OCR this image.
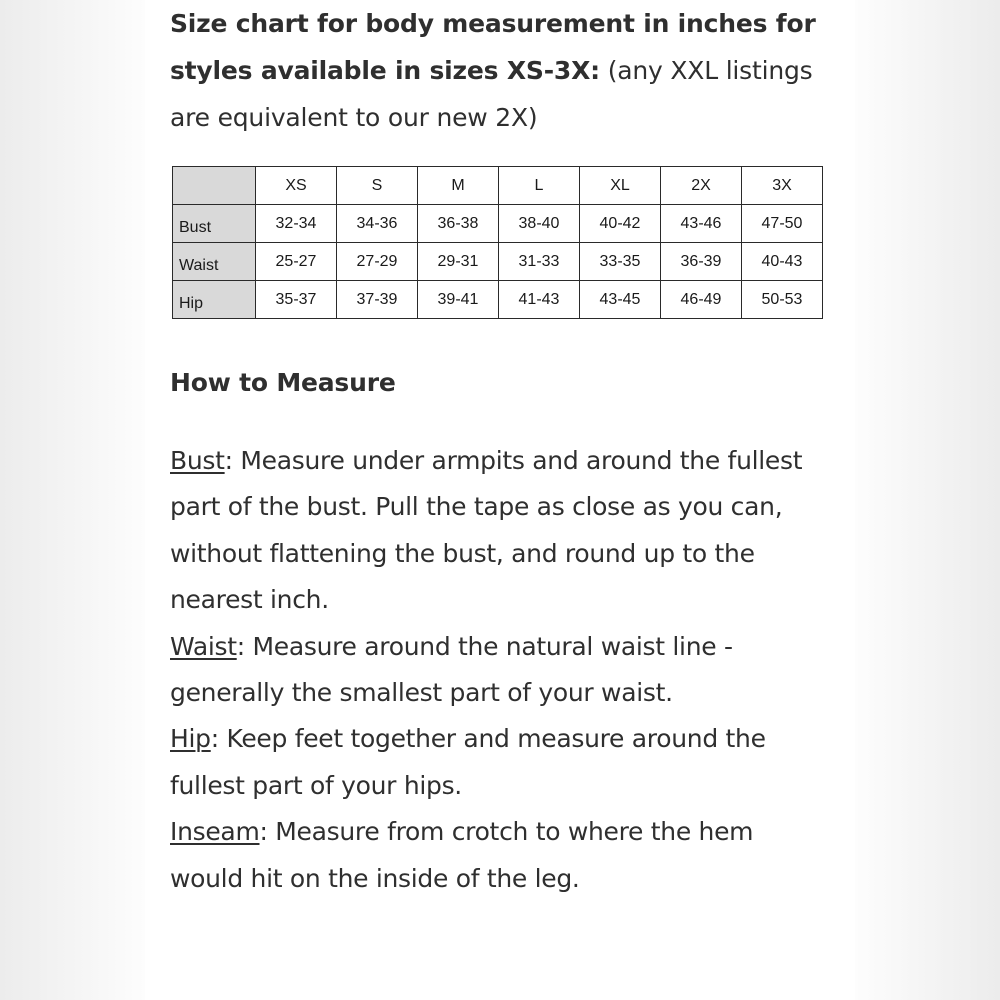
Size chart for body measurement in inches for styles available in sizes XS-3X: (any XXL listings are equivalent to our new 2X)
	XS	S	M	L	XL	2X	3X
Bust	32-34	34-36	36-38	38-40	40-42	43-46	47-50
Waist	25-27	27-29	29-31	31-33	33-35	36-39	40-43
Hip	35-37	37-39	39-41	41-43	43-45	46-49	50-53
How to Measure

Bust: Measure under armpits and around the fullest part of the bust. Pull the tape as close as you can, without flattening the bust, and round up to the nearest inch.

Waist: Measure around the natural waist line - generally the smallest part of your waist.

Hip: Keep feet together and measure around the fullest part of your hips.

Inseam: Measure from crotch to where the hem would hit on the inside of the leg.
